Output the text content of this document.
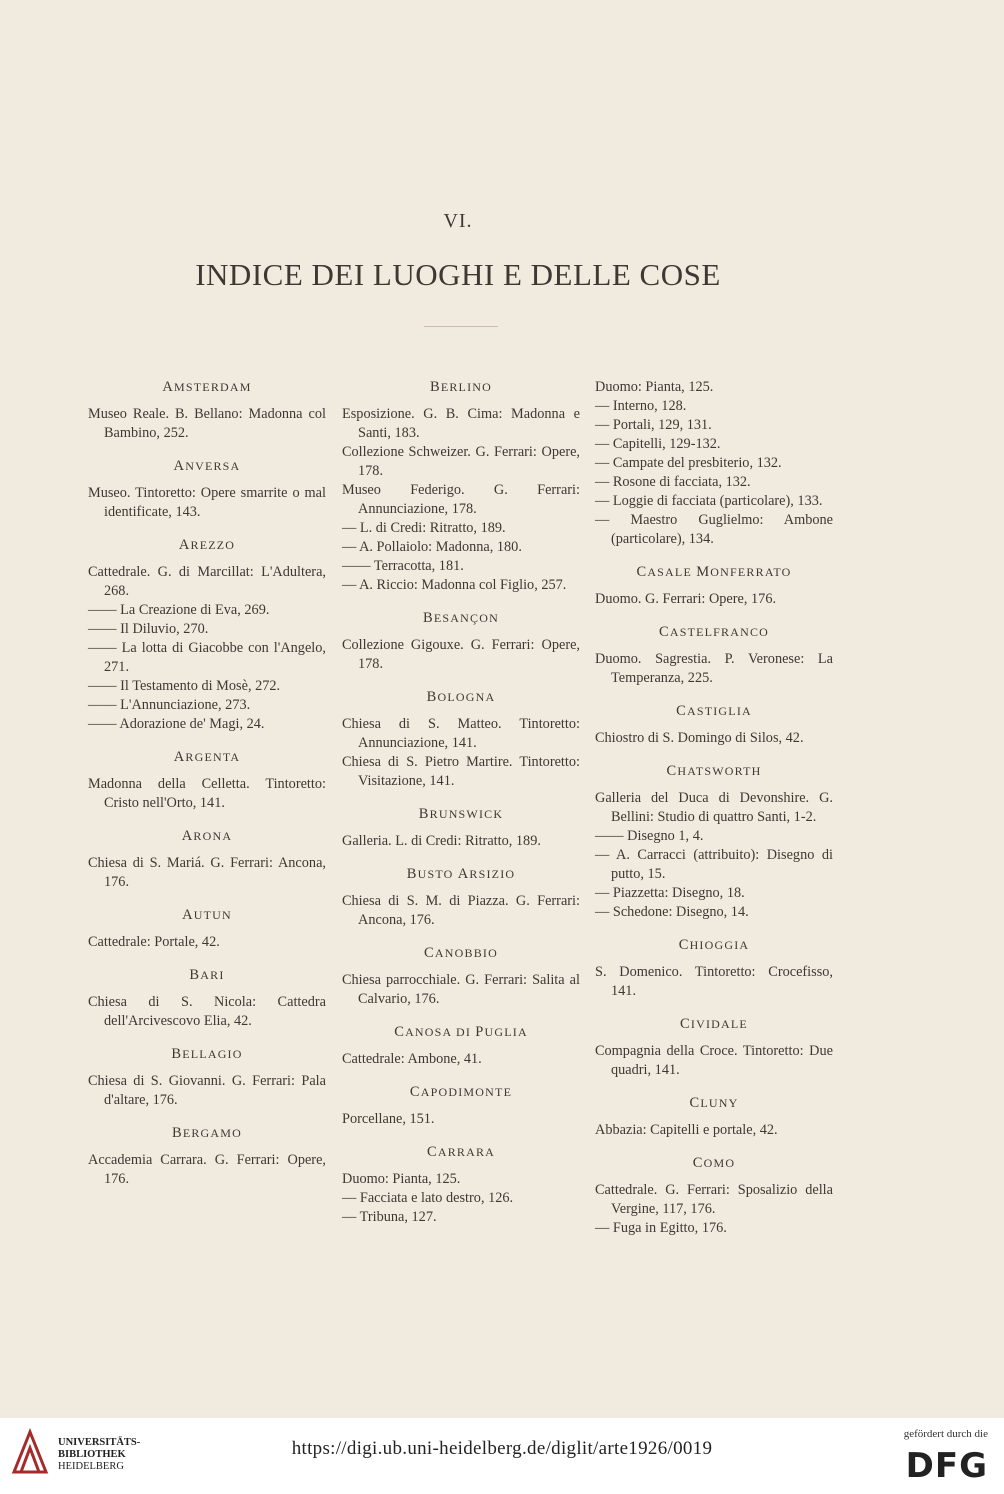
VI.
INDICE DEI LUOGHI E DELLE COSE
AMSTERDAM
Museo Reale. B. Bellano: Madonna col Bambino, 252.
ANVERSA
Museo. Tintoretto: Opere smarrite o mal identificate, 143.
AREZZO
Cattedrale. G. di Marcillat: L'Adultera, 268.
—— La Creazione di Eva, 269.
—— Il Diluvio, 270.
—— La lotta di Giacobbe con l'Angelo, 271.
—— Il Testamento di Mosè, 272.
—— L'Annunciazione, 273.
—— Adorazione de' Magi, 24.
ARGENTA
Madonna della Celletta. Tintoretto: Cristo nell'Orto, 141.
ARONA
Chiesa di S. Mariá. G. Ferrari: Ancona, 176.
AUTUN
Cattedrale: Portale, 42.
BARI
Chiesa di S. Nicola: Cattedra dell'Arcivescovo Elia, 42.
BELLAGIO
Chiesa di S. Giovanni. G. Ferrari: Pala d'altare, 176.
BERGAMO
Accademia Carrara. G. Ferrari: Opere, 176.
BERLINO
Esposizione. G. B. Cima: Madonna e Santi, 183.
Collezione Schweizer. G. Ferrari: Opere, 178.
Museo Federigo. G. Ferrari: Annunciazione, 178.
— L. di Credi: Ritratto, 189.
— A. Pollaiolo: Madonna, 180.
—— Terracotta, 181.
— A. Riccio: Madonna col Figlio, 257.
BESANÇON
Collezione Gigouxe. G. Ferrari: Opere, 178.
BOLOGNA
Chiesa di S. Matteo. Tintoretto: Annunciazione, 141.
Chiesa di S. Pietro Martire. Tintoretto: Visitazione, 141.
BRUNSWICK
Galleria. L. di Credi: Ritratto, 189.
BUSTO ARSIZIO
Chiesa di S. M. di Piazza. G. Ferrari: Ancona, 176.
CANOBBIO
Chiesa parrocchiale. G. Ferrari: Salita al Calvario, 176.
CANOSA DI PUGLIA
Cattedrale: Ambone, 41.
CAPODIMONTE
Porcellane, 151.
CARRARA
Duomo: Pianta, 125.
— Facciata e lato destro, 126.
— Tribuna, 127.
Duomo: Pianta, 125.
— Interno, 128.
— Portali, 129, 131.
— Capitelli, 129-132.
— Campate del presbiterio, 132.
— Rosone di facciata, 132.
— Loggie di facciata (particolare), 133.
— Maestro Guglielmo: Ambone (particolare), 134.
CASALE MONFERRATO
Duomo. G. Ferrari: Opere, 176.
CASTELFRANCO
Duomo. Sagrestia. P. Veronese: La Temperanza, 225.
CASTIGLIA
Chiostro di S. Domingo di Silos, 42.
CHATSWORTH
Galleria del Duca di Devonshire. G. Bellini: Studio di quattro Santi, 1-2.
—— Disegno 1, 4.
— A. Carracci (attribuito): Disegno di putto, 15.
— Piazzetta: Disegno, 18.
— Schedone: Disegno, 14.
CHIOGGIA
S. Domenico. Tintoretto: Crocefisso, 141.
CIVIDALE
Compagnia della Croce. Tintoretto: Due quadri, 141.
CLUNY
Abbazia: Capitelli e portale, 42.
COMO
Cattedrale. G. Ferrari: Sposalizio della Vergine, 117, 176.
— Fuga in Egitto, 176.
UNIVERSITÄTS-
BIBLIOTHEK
HEIDELBERG
https://digi.ub.uni-heidelberg.de/diglit/arte1926/0019
gefördert durch die
DFG
